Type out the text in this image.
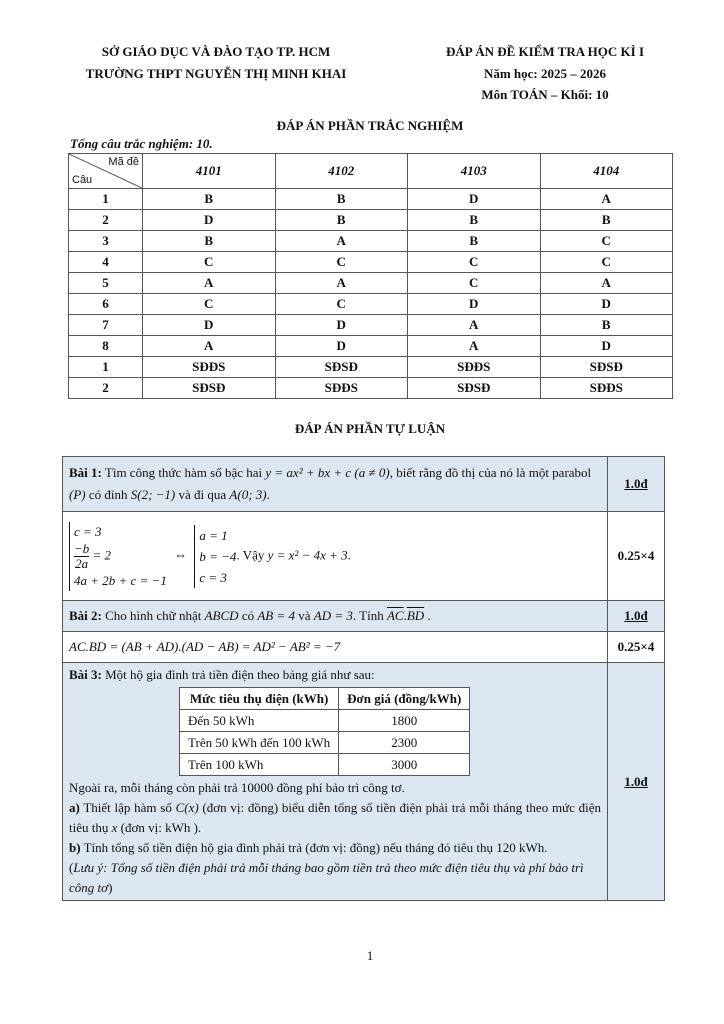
SỞ GIÁO DỤC VÀ ĐÀO TẠO TP. HCM
TRƯỜNG THPT NGUYỄN THỊ MINH KHAI
ĐÁP ÁN ĐỀ KIỂM TRA HỌC KÌ I
Năm học: 2025 – 2026
Môn TOÁN – Khối: 10
ĐÁP ÁN PHẦN TRẮC NGHIỆM
Tổng câu trắc nghiệm: 10.
Mã đề
Câu	4101	4102	4103	4104
1	B	B	D	A
2	D	B	B	B
3	B	A	B	C
4	C	C	C	C
5	A	A	C	A
6	C	C	D	D
7	D	D	A	B
8	A	D	A	D
1	SĐĐS	SĐSĐ	SĐĐS	SĐSĐ
2	SĐSĐ	SĐĐS	SĐSĐ	SĐĐS
ĐÁP ÁN PHẦN TỰ LUẬN
Bài 1: Tìm công thức hàm số bậc hai y = ax² + bx + c (a ≠ 0), biết rằng đồ thị của nó là một parabol (P) có đỉnh S(2; −1) và đi qua A(0; 3).	1.0đ

c = 3
$\frac{-b}{2a} = 2$
4a + 2b + c = −1
⇔
a = 1
b = −4
c = 3
. Vậy y = x² − 4x + 3.	0.25×4
Bài 2: Cho hình chữ nhật ABCD có AB = 4 và AD = 3. Tính $\overline{AC}.\overline{BD}$ .	1.0đ
AC.BD = (AB + AD).(AD − AB) = AD² − AB² = −7	0.25×4

Bài 3: Một hộ gia đình trả tiền điện theo bảng giá như sau:
Mức tiêu thụ điện (kWh)	Đơn giá (đồng/kWh)
Đến 50 kWh	1800
Trên 50 kWh đến 100 kWh	2300
Trên 100 kWh	3000
Ngoài ra, mỗi tháng còn phải trả 10000 đồng phí bảo trì công tơ.
a) Thiết lập hàm số C(x) (đơn vị: đồng) biểu diễn tổng số tiền điện phải trả mỗi tháng theo mức điện tiêu thụ x (đơn vị: kWh ).
b) Tính tổng số tiền điện hộ gia đình phải trả (đơn vị: đồng) nếu tháng đó tiêu thụ 120 kWh.
(Lưu ý: Tổng số tiền điện phải trả mỗi tháng bao gồm tiền trả theo mức điện tiêu thụ và phí bảo trì công tơ)
	1.0đ
1
